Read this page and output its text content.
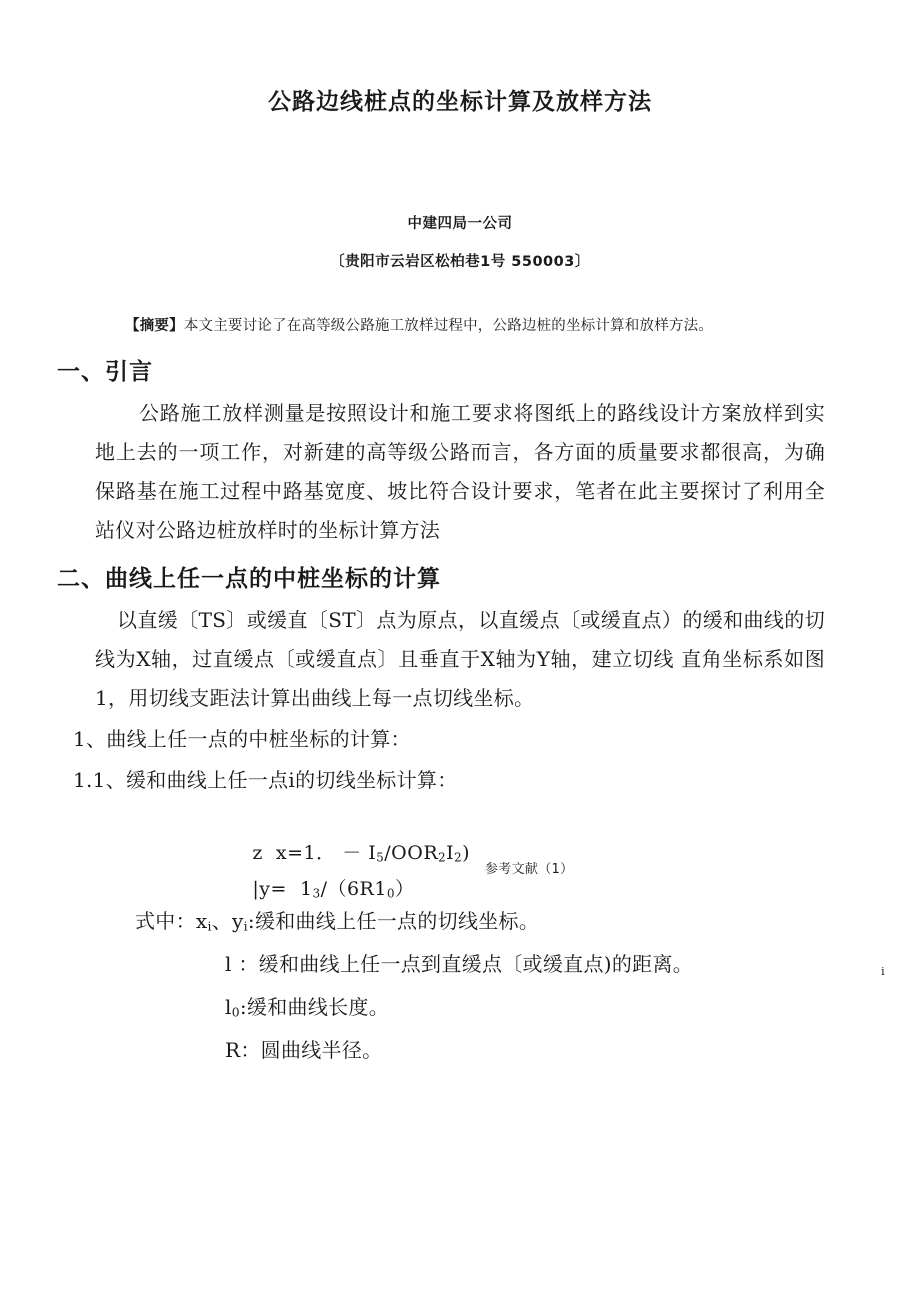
公路边线桩点的坐标计算及放样方法
中建四局一公司
〔贵阳市云岩区松柏巷1号 550003〕
【摘要】本文主要讨论了在高等级公路施工放样过程中，公路边桩的坐标计算和放样方法。
一、引言
公路施工放样测量是按照设计和施工要求将图纸上的路线设计方案放样到实地上去的一项工作，对新建的高等级公路而言，各方面的质量要求都很高，为确保路基在施工过程中路基宽度、坡比符合设计要求，笔者在此主要探讨了利用全站仪对公路边桩放样时的坐标计算方法
二、曲线上任一点的中桩坐标的计算
以直缓〔TS〕或缓直〔ST〕点为原点，以直缓点〔或缓直点）的缓和曲线的切线为X轴，过直缓点〔或缓直点〕且垂直于X轴为Y轴，建立切线 直角坐标系如图1，用切线支距法计算出曲线上每一点切线坐标。
1、曲线上任一点的中桩坐标的计算：
1.1、缓和曲线上任一点i的切线坐标计算：

z  x=1． － $I_5/OOR_2I_2$)

$|y= 1_3/(6R1_0)$

参考文献（1）
式中：$x_i$、$y_i$:缓和曲线上任一点的切线坐标。
l ：缓和曲线上任一点到直缓点〔或缓直点)的距离。	i
$l_0$:缓和曲线长度。
R：圆曲线半径。
